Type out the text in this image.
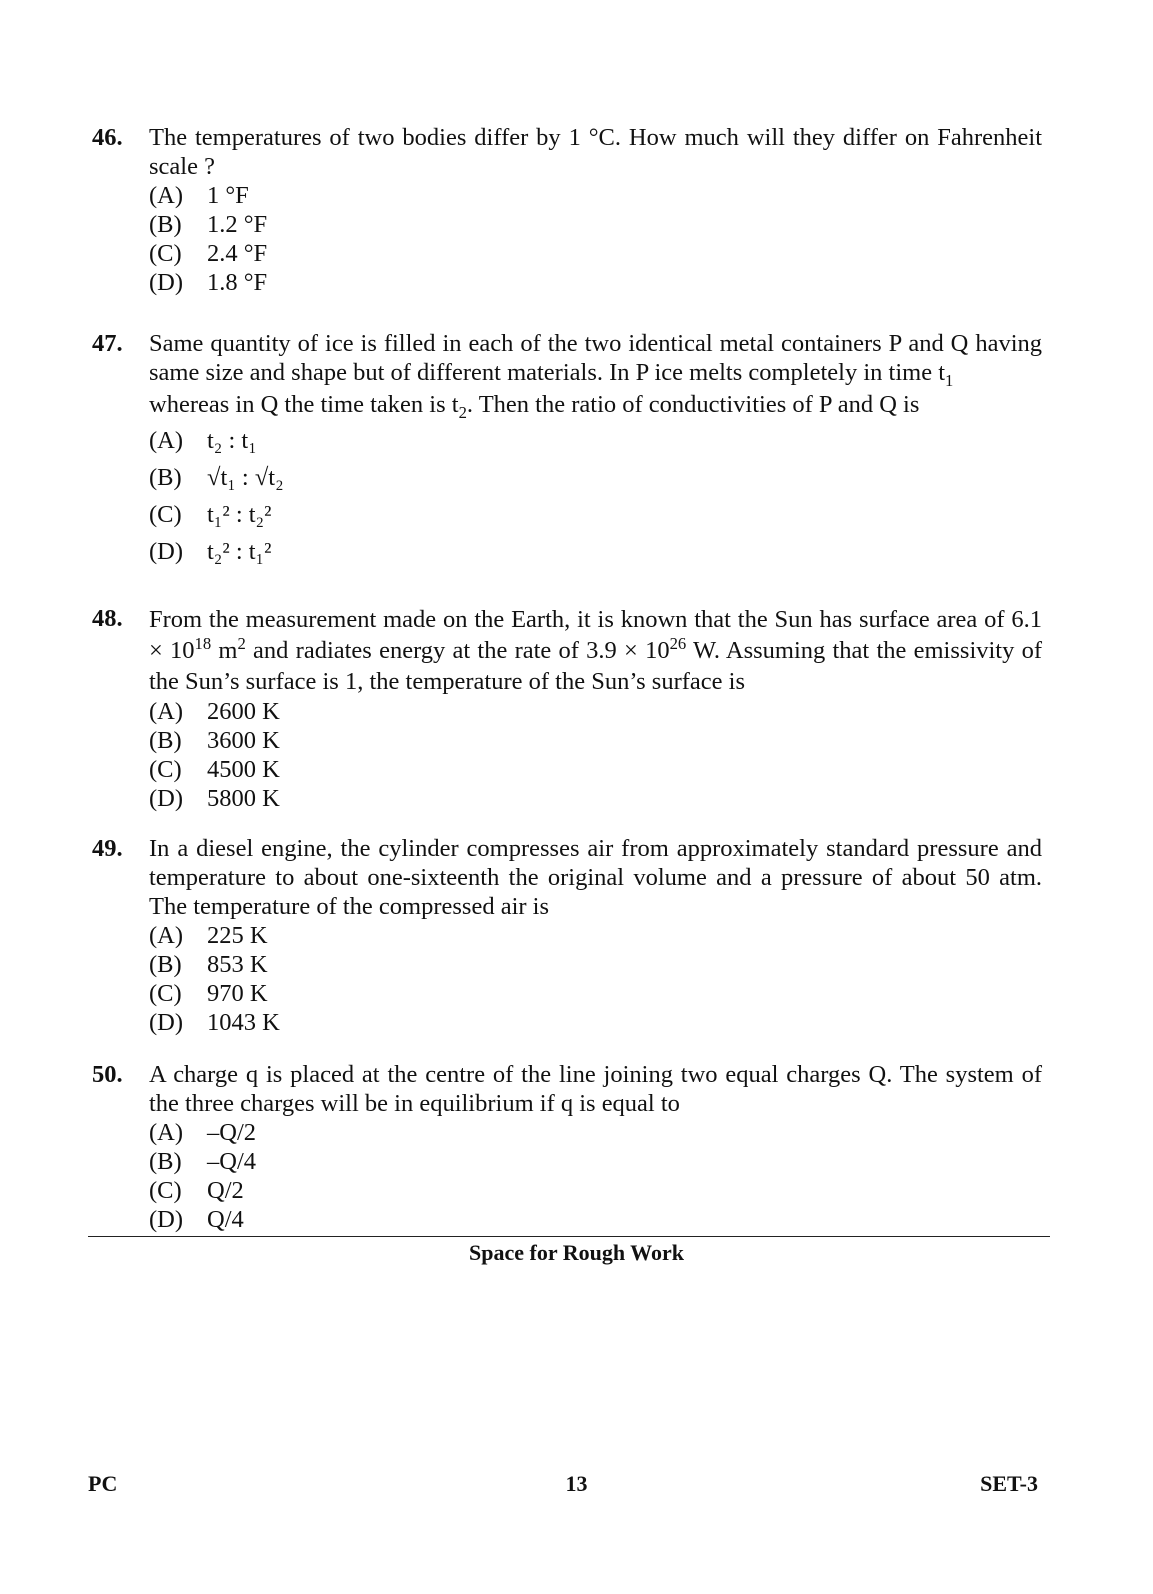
46. The temperatures of two bodies differ by 1 °C. How much will they differ on Fahrenheit scale ?
(A) 1 °F
(B)	1.2 °F
(C)	2.4 °F
(D) 1.8 °F
47. Same quantity of ice is filled in each of the two identical metal containers P and Q having same size and shape but of different materials. In P ice melts completely in time $t_1$
whereas in Q the time taken is $t_2$. Then the ratio of conductivities of P and Q is
(A) t₂ : t₁
(B)	√t₁ : √t₂
(C)	t₁² : t₂²
(D) t₂² : t₁²
48. From the measurement made on the Earth, it is known that the Sun has surface area of $6.1 \times 10^{18}$ $m^2$ and radiates energy at the rate of $3.9 \times 10^{26}$ W. Assuming that the emissivity of the Sun’s surface is 1, the temperature of the Sun’s surface is
(A) 2600 K
(B)	3600 K
(C)	4500 K
(D) 5800 K
49. In a diesel engine, the cylinder compresses air from approximately standard pressure and temperature to about one-sixteenth the original volume and a pressure of about 50 atm. The temperature of the compressed air is
(A) 225 K
(B)	853 K
(C)	970 K
(D) 1043 K
50. A charge q is placed at the centre of the line joining two equal charges Q. The system of the three charges will be in equilibrium if q is equal to
(A) –Q/2
(B)	–Q/4
(C)	Q/2
(D) Q/4
Space for Rough Work
PC	13	SET-3
